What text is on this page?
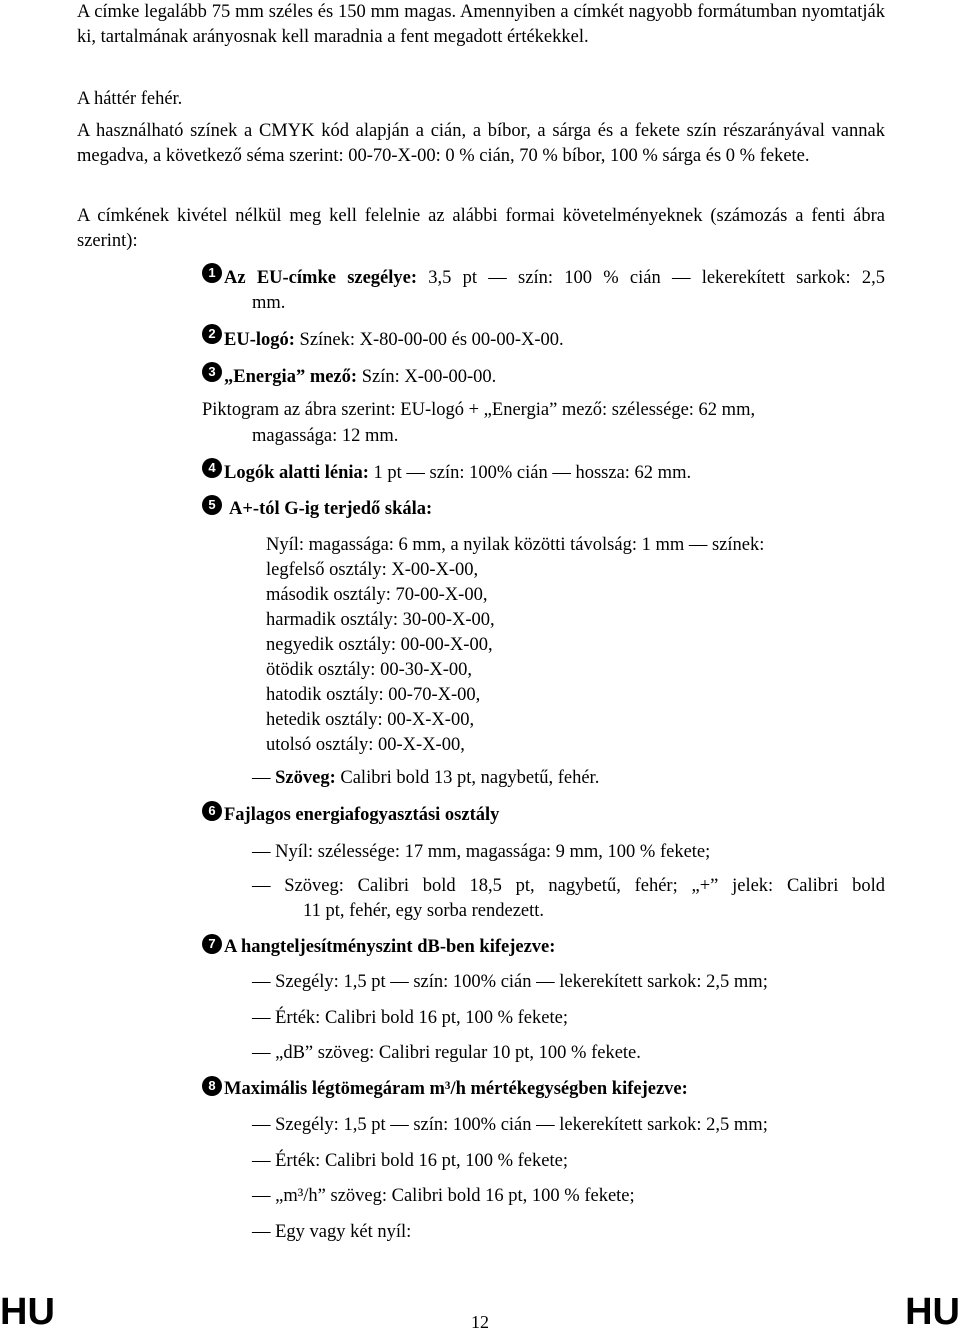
A címke legalább 75 mm széles és 150 mm magas. Amennyiben a címkét nagyobb formátumban nyomtatják ki, tartalmának arányosnak kell maradnia a fent megadott értékekkel.
A háttér fehér.
A használható színek a CMYK kód alapján a cián, a bíbor, a sárga és a fekete szín részarányával vannak megadva, a következő séma szerint: 00-70-X-00: 0 % cián, 70 % bíbor, 100 % sárga és 0 % fekete.
A címkének kivétel nélkül meg kell felelnie az alábbi formai követelményeknek (számozás a fenti ábra szerint):
1 Az EU-címke szegélye: 3,5 pt — szín: 100 % cián — lekerekített sarkok: 2,5
mm.
2 EU-logó: Színek: X-80-00-00 és 00-00-X-00.
3 „Energia” mező: Szín: X-00-00-00.
Piktogram az ábra szerint: EU-logó + „Energia” mező: szélessége: 62 mm,
magassága: 12 mm.
4 Logók alatti lénia: 1 pt — szín: 100% cián — hossza: 62 mm.
5 A+-tól G-ig terjedő skála:
Nyíl: magassága: 6 mm, a nyilak közötti távolság: 1 mm — színek:
legfelső osztály: X-00-X-00,
második osztály: 70-00-X-00,
harmadik osztály: 30-00-X-00,
negyedik osztály: 00-00-X-00,
ötödik osztály: 00-30-X-00,
hatodik osztály: 00-70-X-00,
hetedik osztály: 00-X-X-00,
utolsó osztály: 00-X-X-00,
— Szöveg: Calibri bold 13 pt, nagybetű, fehér.
6 Fajlagos energiafogyasztási osztály
— Nyíl: szélessége: 17 mm, magassága: 9 mm, 100 % fekete;
— Szöveg: Calibri bold 18,5 pt, nagybetű, fehér; „+” jelek: Calibri bold
11 pt, fehér, egy sorba rendezett.
7 A hangteljesítményszint dB-ben kifejezve:
— Szegély: 1,5 pt — szín: 100% cián — lekerekített sarkok: 2,5 mm;
— Érték: Calibri bold 16 pt, 100 % fekete;
— „dB” szöveg: Calibri regular 10 pt, 100 % fekete.
8 Maximális légtömegáram m³/h mértékegységben kifejezve:
— Szegély: 1,5 pt — szín: 100% cián — lekerekített sarkok: 2,5 mm;
— Érték: Calibri bold 16 pt, 100 % fekete;
— „m³/h” szöveg: Calibri bold 16 pt, 100 % fekete;
— Egy vagy két nyíl:
HU	12	HU
